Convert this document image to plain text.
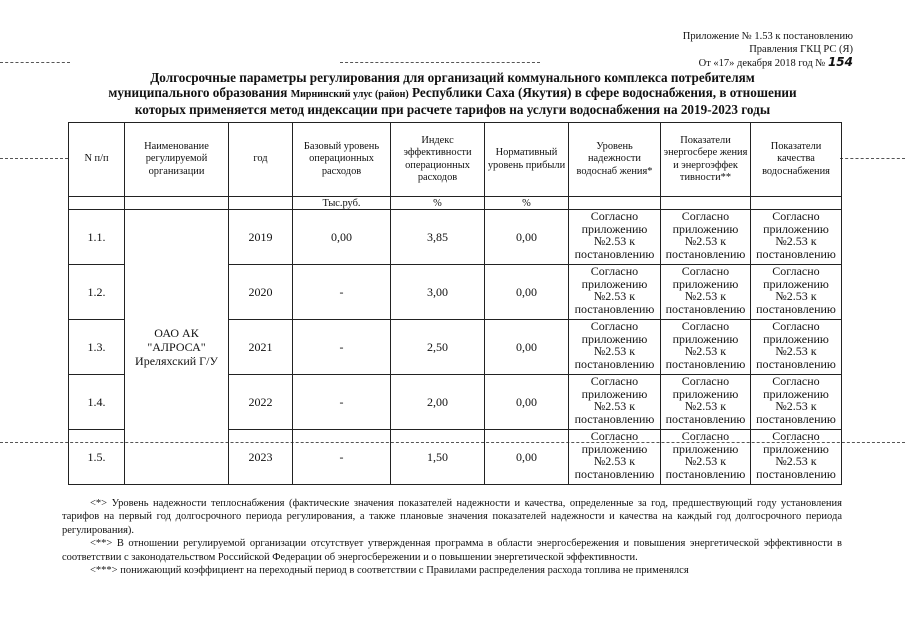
Приложение № 1.53 к постановлению
Правления ГКЦ РС (Я)
От «17» декабря 2018 год № 154
Долгосрочные параметры регулирования для организаций коммунального комплекса потребителям
муниципального образования Мирнинский улус (район) Республики Саха (Якутия) в сфере водоснабжения, в отношении
которых применяется метод индексации при расчете тарифов на услуги водоснабжения на 2019-2023 годы
N п/п	Наименование регулируемой организации	год	Базовый уровень операционных расходов	Индекс эффективности операционных расходов	Нормативный уровень прибыли	Уровень надежности водоснаб жения*	Показатели энергосбере жения и энергоэффек тивности**	Показатели качества водоснабжения
			Тыс.руб.	%	%			
1.1.	ОАО АК "АЛРОСА" Иреляхский Г/У	2019	0,00	3,85	0,00	Согласно приложению №2.53 к постановлению	Согласно приложению №2.53 к постановлению	Согласно приложению №2.53 к постановлению
1.2.		2020	-	3,00	0,00	Согласно приложению №2.53 к постановлению	Согласно приложению №2.53 к постановлению	Согласно приложению №2.53 к постановлению
1.3.		2021	-	2,50	0,00	Согласно приложению №2.53 к постановлению	Согласно приложению №2.53 к постановлению	Согласно приложению №2.53 к постановлению
1.4.		2022	-	2,00	0,00	Согласно приложению №2.53 к постановлению	Согласно приложению №2.53 к постановлению	Согласно приложению №2.53 к постановлению
1.5.		2023	-	1,50	0,00	Согласно приложению №2.53 к постановлению	Согласно приложению №2.53 к постановлению	Согласно приложению №2.53 к постановлению

<*> Уровень надежности теплоснабжения (фактические значения показателей надежности и качества, определенные за год, предшествующий году установления тарифов на первый год долгосрочного периода регулирования, а также плановые значения показателей надежности и качества на каждый год долгосрочного периода регулирования).

<**> В отношении регулируемой организации отсутствует утвержденная программа в области энергосбережения и повышения энергетической эффективности в соответствии с законодательством Российской Федерации об энергосбережении и о повышении энергетической эффективности.

<***> понижающий коэффициент на переходный период в соответствии с Правилами распределения расхода топлива не применялся
